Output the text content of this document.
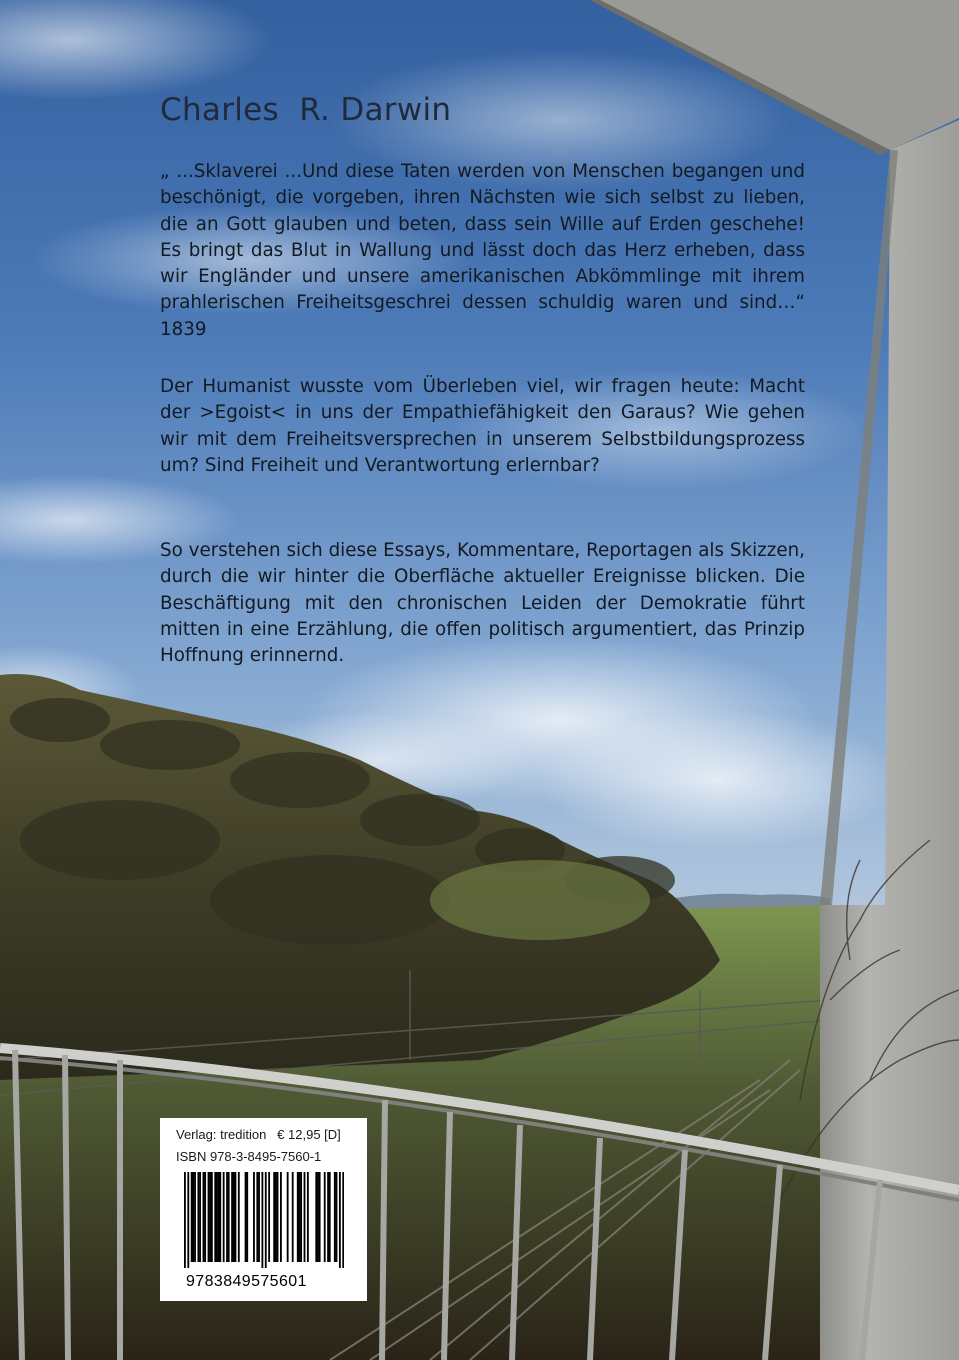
Charles  R. Darwin

„ ...Sklaverei ...Und diese Taten werden von Menschen begangen und beschönigt, die vorgeben, ihren Nächsten wie sich selbst zu lieben, die an Gott glauben und beten, dass sein Wille auf Erden geschehe! Es bringt das Blut in Wallung und lässt doch das Herz erheben, dass wir Engländer und unsere amerikanischen Abkömmlinge mit ihrem prahlerischen Freiheitsgeschrei dessen schuldig waren und sind…“ 1839

Der Humanist wusste vom Überleben viel, wir fragen heute: Macht der >Egoist< in uns der Empathiefähigkeit den Garaus? Wie gehen wir mit dem Freiheitsversprechen in unserem Selbstbildungsprozess um? Sind Freiheit und Verantwortung erlernbar?

So verstehen sich diese Essays, Kommentare, Reportagen als Skizzen, durch die wir hinter die Oberfläche aktueller Ereignisse blicken. Die Beschäftigung mit den chronischen Leiden der Demokratie führt mitten in eine Erzählung, die offen politisch argumentiert, das Prinzip Hoffnung erinnernd.

Verlag: tredition   € 12,95 [D]

ISBN 978-3-8495-7560-1

9783849575601
